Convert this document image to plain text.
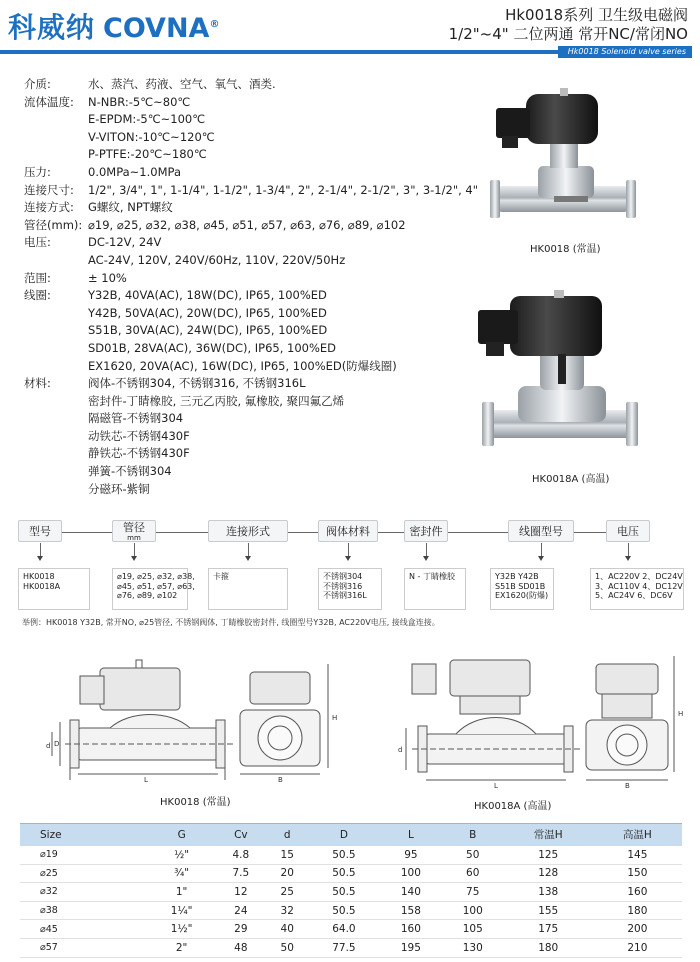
科威纳 COVNA®
Hk0018系列 卫生级电磁阀
1/2"~4" 二位两通 常开NC/常闭NO
Hk0018 Solenoid valve series
介质:	水、蒸汽、药液、空气、氧气、酒类.
流体温度:	N-NBR:-5℃~80℃
E-EPDM:-5℃~100℃
V-VITON:-10℃~120℃
P-PTFE:-20℃~180℃
压力:	0.0MPa~1.0MPa
连接尺寸:	1/2", 3/4", 1", 1-1/4", 1-1/2", 1-3/4", 2", 2-1/4", 2-1/2", 3", 3-1/2", 4"
连接方式:	G螺纹, NPT螺纹
管径(mm): ⌀19, ⌀25, ⌀32, ⌀38, ⌀45, ⌀51, ⌀57, ⌀63, ⌀76, ⌀89, ⌀102
电压:	DC-12V, 24V
AC-24V, 120V, 240V/60Hz, 110V, 220V/50Hz
范围:	± 10%
线圈:	Y32B, 40VA(AC), 18W(DC), IP65, 100%ED
Y42B, 50VA(AC), 20W(DC), IP65, 100%ED
S51B, 30VA(AC), 24W(DC), IP65, 100%ED
SD01B, 28VA(AC), 36W(DC), IP65, 100%ED
EX1620, 20VA(AC), 16W(DC), IP65, 100%ED(防爆线圈)
材料:	阀体-不锈钢304, 不锈钢316, 不锈钢316L
密封件-丁睛橡胶, 三元乙丙胶, 氟橡胶, 聚四氟乙烯
隔磁管-不锈钢304
动铁芯-不锈钢430F
静铁芯-不锈钢430F
弹簧-不锈钢304
分磁环-紫铜
HK0018 (常温)
HK0018A (高温)
型号
HK0018
HK0018A
管径
mm
⌀19, ⌀25, ⌀32, ⌀38,
⌀45, ⌀51, ⌀57, ⌀63,
⌀76, ⌀89, ⌀102
连接形式
卡箍
阀体材料
不锈钢304
不锈钢316
不锈钢316L
密封件
N - 丁睛橡胶
线圈型号
Y32B Y42B
S51B SD01B
EX1620(防爆)
电压
1、AC220V 2、DC24V
3、AC110V 4、DC12V
5、AC24V 6、DC6V
举例：HK0018 Y32B, 常开NO, ⌀25管径, 不锈钢阀体, 丁睛橡胶密封件, 线圈型号Y32B, AC220V电压, 接线盒连接。
d D
L	B
H
HK0018 (常温)
d
L	B
H
HK0018A (高温)
Size	G	Cv	d	D	L	B	常温H	高温H
⌀19	½"	4.8	15	50.5	95	50	125	145
⌀25	¾"	7.5	20	50.5	100	60	128	150
⌀32	1"	12	25	50.5	140	75	138	160
⌀38	1¼"	24	32	50.5	158	100	155	180
⌀45	1½"	29	40	64.0	160	105	175	200
⌀57	2"	48	50	77.5	195	130	180	210
